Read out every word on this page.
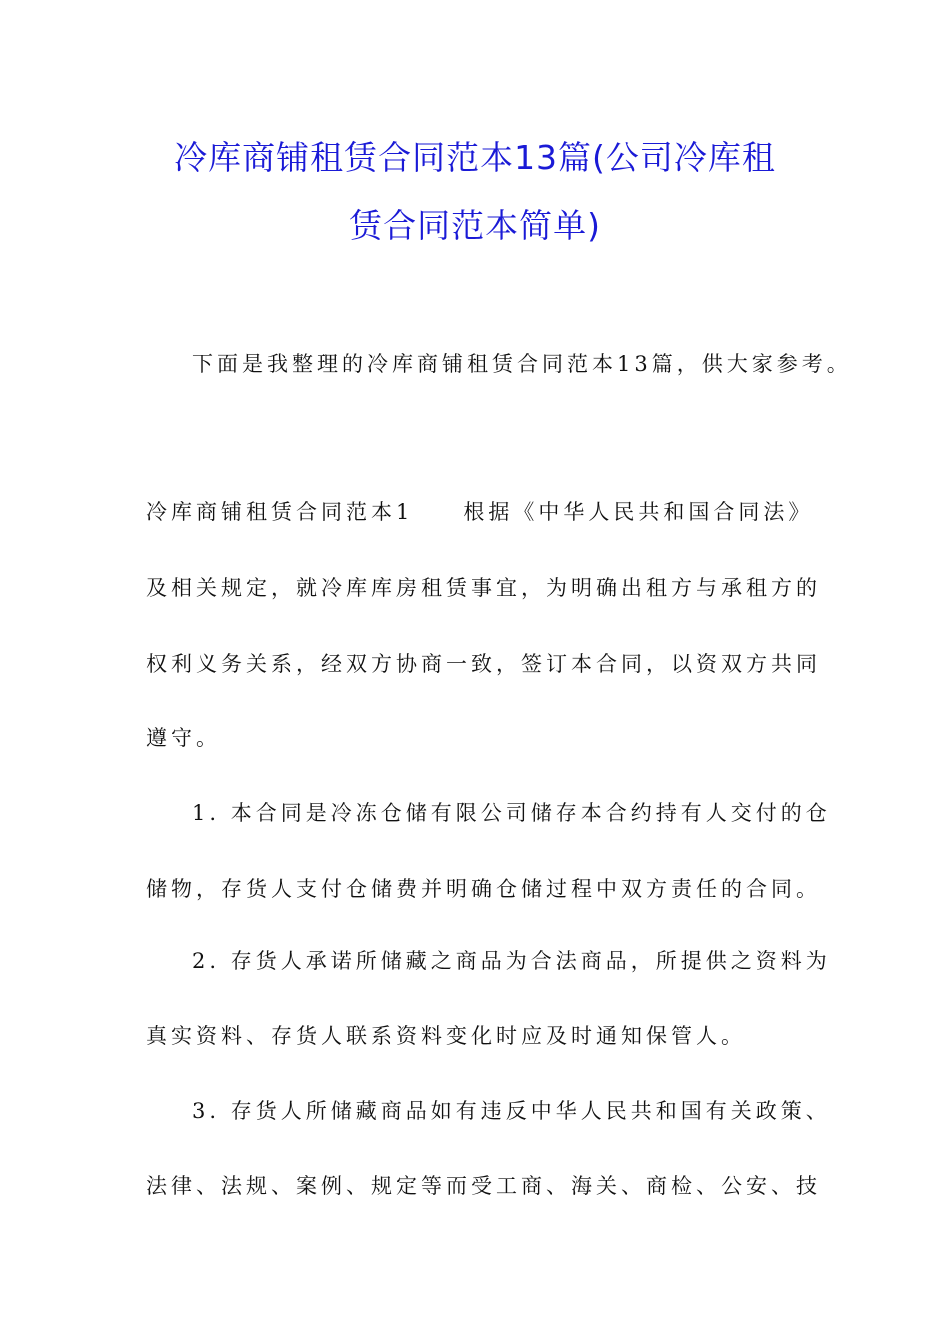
冷库商铺租赁合同范本13篇(公司冷库租
赁合同范本简单)
下面是我整理的冷库商铺租赁合同范本13篇，供大家参考。
冷库商铺租赁合同范本1　　根据《中华人民共和国合同法》
及相关规定，就冷库库房租赁事宜，为明确出租方与承租方的
权利义务关系，经双方协商一致，签订本合同，以资双方共同
遵守。
1. 本合同是冷冻仓储有限公司储存本合约持有人交付的仓
储物，存货人支付仓储费并明确仓储过程中双方责任的合同。
2. 存货人承诺所储藏之商品为合法商品，所提供之资料为
真实资料、存货人联系资料变化时应及时通知保管人。
3. 存货人所储藏商品如有违反中华人民共和国有关政策、
法律、法规、案例、规定等而受工商、海关、商检、公安、技
